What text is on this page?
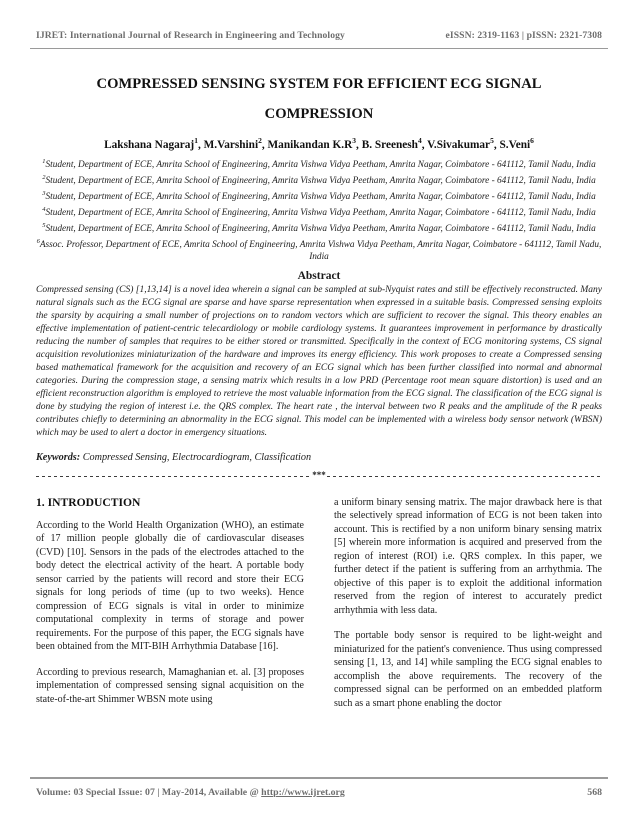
IJRET: International Journal of Research in Engineering and Technology	eISSN: 2319-1163 | pISSN: 2321-7308
COMPRESSED SENSING SYSTEM FOR EFFICIENT ECG SIGNAL
COMPRESSION
Lakshana Nagaraj$^1$ , M.Varshini$^2$ , Manikandan $K.R^3$ , B. Sreenesh$^4$ , V.Sivakumar$^5$ , S.Veni$^6$
$^1$Student, Department of ECE, Amrita School of Engineering, Amrita Vishwa Vidya Peetham, Amrita Nagar, Coimbatore - 641112, Tamil Nadu, India
$^2$Student, Department of ECE, Amrita School of Engineering, Amrita Vishwa Vidya Peetham, Amrita Nagar, Coimbatore - 641112, Tamil Nadu, India
$^3$Student, Department of ECE, Amrita School of Engineering, Amrita Vishwa Vidya Peetham, Amrita Nagar, Coimbatore - 641112, Tamil Nadu, India
$^4$Student, Department of ECE, Amrita School of Engineering, Amrita Vishwa Vidya Peetham, Amrita Nagar, Coimbatore - 641112, Tamil Nadu, India
$^5$Student, Department of ECE, Amrita School of Engineering, Amrita Vishwa Vidya Peetham, Amrita Nagar, Coimbatore - 641112, Tamil Nadu, India
$^6$Assoc. Professor, Department of ECE, Amrita School of Engineering, Amrita Vishwa Vidya Peetham, Amrita Nagar, Coimbatore - 641112, Tamil Nadu, India
Abstract
Compressed sensing (CS) [1,13,14] is a novel idea wherein a signal can be sampled at sub-Nyquist rates and still be effectively reconstructed. Many natural signals such as the ECG signal are sparse and have sparse representation when expressed in a suitable basis. Compressed sensing exploits the sparsity by acquiring a small number of projections on to random vectors which are sufficient to recover the signal. This theory enables an effective implementation of patient-centric telecardiology or mobile cardiology systems. It guarantees improvement in performance by drastically reducing the number of samples that requires to be either stored or transmitted. Specifically in the context of ECG monitoring systems, CS signal acquisition revolutionizes miniaturization of the hardware and improves its energy efficiency. This work proposes to create a Compressed sensing based mathematical framework for the acquisition and recovery of an ECG signal which has been further classified into normal and abnormal categories. During the compression stage, a sensing matrix which results in a low PRD (Percentage root mean square distortion) is used and an efficient reconstruction algorithm is employed to retrieve the most valuable information from the ECG signal. The classification of the ECG signal is done by studying the region of interest i.e. the QRS complex. The heart rate , the interval between two R peaks and the amplitude of the R peaks contributes chiefly to determining an abnormality in the ECG signal. This model can be implemented with a wireless body sensor network (WBSN) which may be used to alert a doctor in emergency situations.
Keywords: Compressed Sensing, Electrocardiogram, Classification
***
1. INTRODUCTION

According to the World Health Organization (WHO), an estimate of 17 million people globally die of cardiovascular diseases (CVD) [10]. Sensors in the pads of the electrodes attached to the body detect the electrical activity of the heart. A portable body sensor carried by the patients will record and store their ECG signals for long periods of time (up to two weeks). Hence compression of ECG signals is vital in order to minimize computational complexity in terms of storage and power requirements. For the purpose of this paper, the ECG signals have been obtained from the MIT-BIH Arrhythmia Database [16].

According to previous research, Mamaghanian et. al. [3] proposes implementation of compressed sensing signal acquisition on the state-of-the-art Shimmer WBSN mote using

a uniform binary sensing matrix. The major drawback here is that the selectively spread information of ECG is not been taken into account. This is rectified by a non uniform binary sensing matrix [5] wherein more information is acquired and preserved from the region of interest (ROI) i.e. QRS complex. In this paper, we further detect if the patient is suffering from an arrhythmia. The objective of this paper is to exploit the additional information reserved from the region of interest to accurately predict arrhythmia with less data.

The portable body sensor is required to be light-weight and miniaturized for the patient's convenience. Thus using compressed sensing [1, 13, and 14] while sampling the ECG signal enables to accomplish the above requirements. The recovery of the compressed signal can be performed on an embedded platform such as a smart phone enabling the doctor

Volume: 03 Special Issue: 07 | May-2014, Available @ http://www.ijret.org	568
